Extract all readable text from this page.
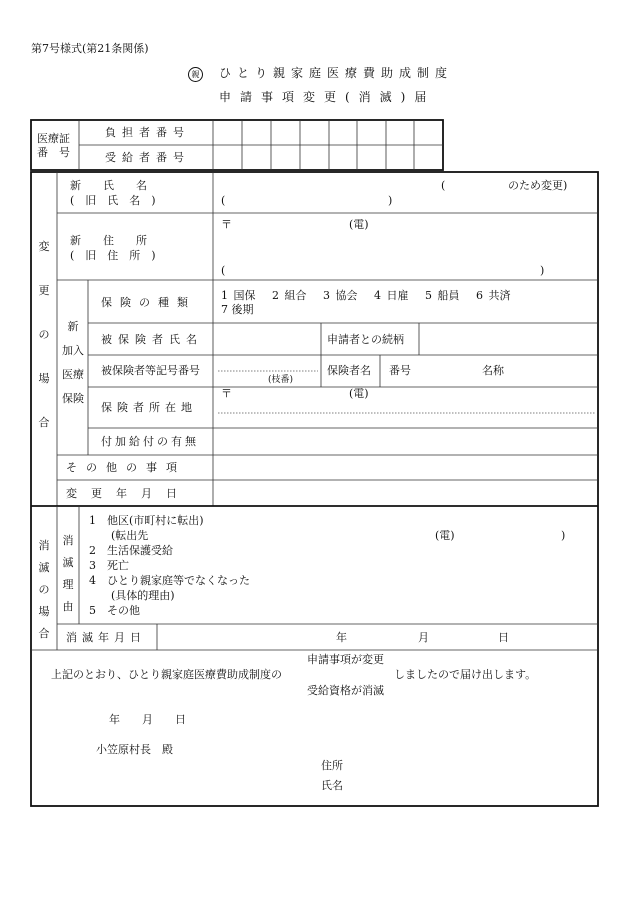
第7号様式(第21条関係)
親 ひとり親家庭医療費助成制度
申請事項変更(消滅)届
医療証
番　号
負担者番号
受給者番号
変
更
の
場
合
新　　氏　　名
(　旧　氏　名　)
(	のため変更)
(	)
新　　住　　所
(　旧　住　所　)
〒	(電)
(	)
新
加入
医療
保険
保険の種類
1 国保　 2 組合　 3 協会　 4 日雇　 5 船員　 6 共済
7 後期
被保険者氏名	申請者との続柄
被保険者等記号番号
(枝番)
保険者名 番号	名称
保険者所在地
〒	(電)
付加給付の有無
その他の事項
変更年月日
消
滅
の
場
合
消
滅
理
由
1　他区(市町村に転出)
(転出先	(電)	)
2　生活保護受給
3　死亡
4　ひとり親家庭等でなくなった
(具体的理由)
5　その他
消滅年月日	年	月	日
申請事項が変更
上記のとおり、ひとり親家庭医療費助成制度の	しましたので届け出します。
受給資格が消滅
年　　月　　日
小笠原村長　殿
住所
氏名
